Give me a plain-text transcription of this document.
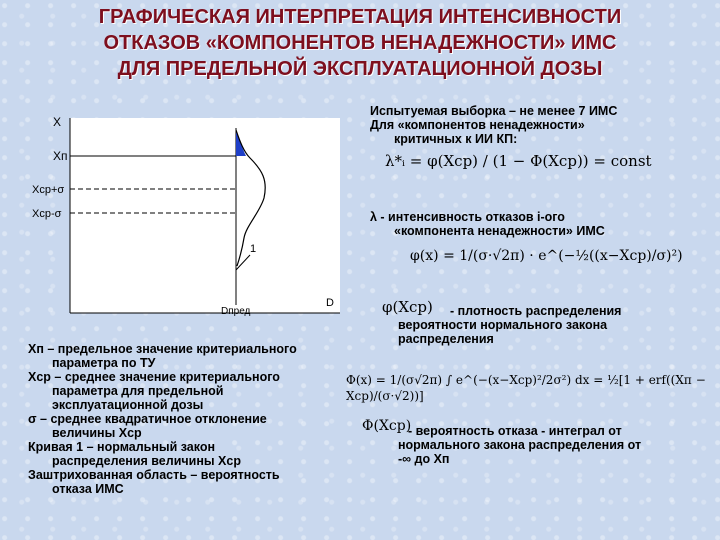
ГРАФИЧЕСКАЯ ИНТЕРПРЕТАЦИЯ ИНТЕНСИВНОСТИ
ОТКАЗОВ «КОМПОНЕНТОВ НЕНАДЕЖНОСТИ» ИМС
ДЛЯ ПРЕДЕЛЬНОЙ ЭКСПЛУАТАЦИОННОЙ ДОЗЫ
1
X
Xп
Xср+σ
Xср-σ
Dпред
D
Испытуемая выборка – не менее 7 ИМС
Для «компонентов ненадежности»
критичных к ИИ КП:
λ*ᵢ = φ(Xср) / (1 − Φ(Xср)) = const
λ - интенсивность отказов i-ого
«компонента ненадежности» ИМС
φ(x) = 1/(σ·√2π) · e^(−½((x−Xср)/σ)²)
φ(Xср)	- плотность распределения
вероятности нормального закона
распределения
Φ(x) = 1/(σ√2π) ∫ e^(−(x−Xср)²/2σ²) dx = ½[1 + erf((Xп − Xср)/(σ·√2))]
Φ(Xср)
- вероятность отказа - интеграл от
нормального закона распределения от
-∞ до Xп

Xп – предельное значение критериального
параметра по ТУ

Xср – среднее значение критериального
параметра для предельной
эксплуатационной дозы

σ – среднее квадратичное отклонение
величины Xср

Кривая 1 – нормальный закон
распределения величины Xср

Заштрихованная область – вероятность
отказа ИМС
